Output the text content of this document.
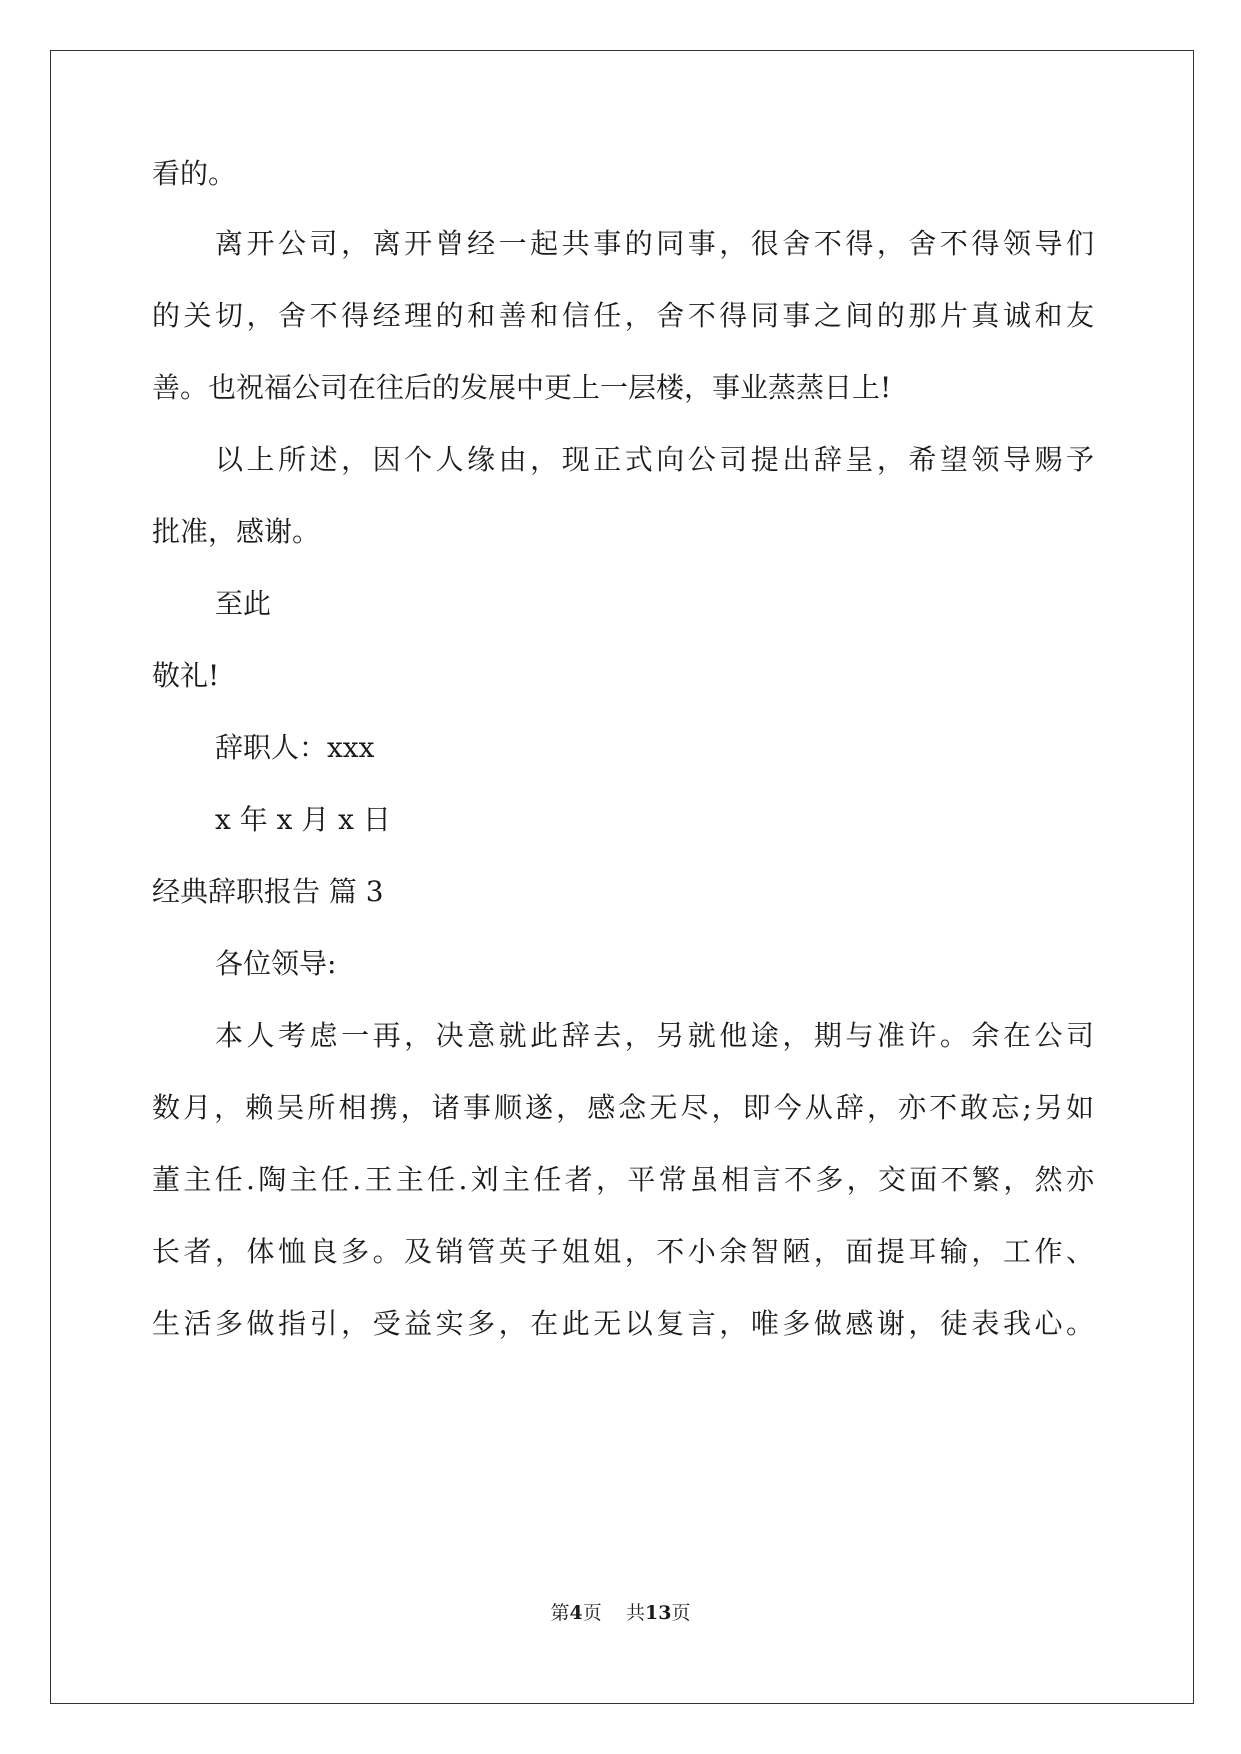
看的。
离开公司，离开曾经一起共事的同事，很舍不得，舍不得领导们
的关切，舍不得经理的和善和信任，舍不得同事之间的那片真诚和友
善。也祝福公司在往后的发展中更上一层楼，事业蒸蒸日上!
以上所述，因个人缘由，现正式向公司提出辞呈，希望领导赐予
批准，感谢。
至此
敬礼!
辞职人：xxx
x 年 x 月 x 日
经典辞职报告 篇 3
各位领导:
本人考虑一再，决意就此辞去，另就他途，期与准许。余在公司
数月，赖吴所相携，诸事顺遂，感念无尽，即今从辞，亦不敢忘;另如
董主任.陶主任.王主任.刘主任者，平常虽相言不多，交面不繁，然亦
长者，体恤良多。及销管英子姐姐，不小余智陋，面提耳输，工作、
生活多做指引，受益实多，在此无以复言，唯多做感谢，徒表我心。
第4页 共13页
